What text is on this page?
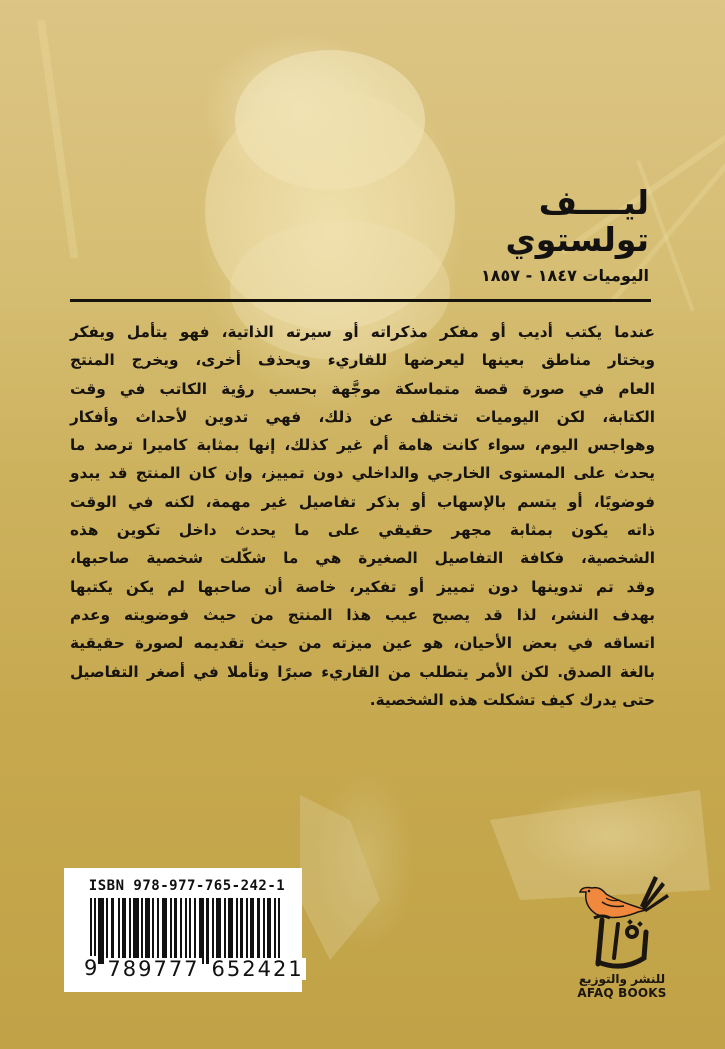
ليــــف
تولستوي
اليوميات ١٨٤٧ - ١٨٥٧
عندما يكتب أديب أو مفكر مذكراته أو سيرته الذاتية، فهو يتأمل ويفكر
ويختار مناطق بعينها ليعرضها للقاريء ويحذف أخرى، ويخرج المنتج
العام في صورة قصة متماسكة موجَّهة بحسب رؤية الكاتب في وقت
الكتابة، لكن اليوميات تختلف عن ذلك، فهي تدوين لأحداث وأفكار
وهواجس اليوم، سواء كانت هامة أم غير كذلك، إنها بمثابة كاميرا ترصد ما
يحدث على المستوى الخارجي والداخلي دون تمييز، وإن كان المنتج قد يبدو
فوضويًا، أو يتسم بالإسهاب أو بذكر تفاصيل غير مهمة، لكنه في الوقت
ذاته يكون بمثابة مجهر حقيقي على ما يحدث داخل تكوين هذه
الشخصية، فكافة التفاصيل الصغيرة هي ما شكّلت شخصية صاحبها،
وقد تم تدوينها دون تمييز أو تفكير، خاصة أن صاحبها لم يكن يكتبها
بهدف النشر، لذا قد يصبح عيب هذا المنتج من حيث فوضويته وعدم
اتساقه في بعض الأحيان، هو عين ميزته من حيث تقديمه لصورة حقيقية
بالغة الصدق. لكن الأمر يتطلب من القاريء صبرًا وتأملا في أصغر التفاصيل
حتى يدرك كيف تشكلت هذه الشخصية.
ISBN 978-977-765-242-1
9 789777 652421	للنشر والتوزيع
AFAQ BOOKS
